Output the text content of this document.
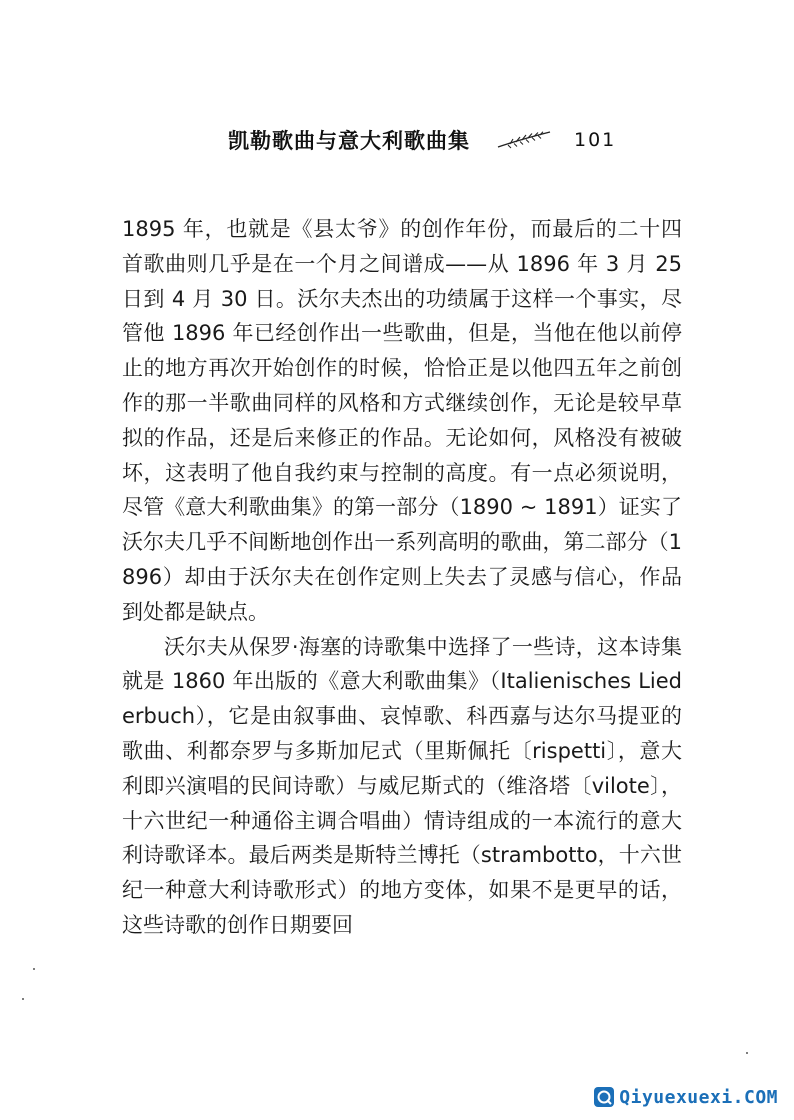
凯勒歌曲与意大利歌曲集	101

1895 年，也就是《县太爷》的创作年份，而最后的二十四首歌曲则几乎是在一个月之间谱成——从 1896 年 3 月 25 日到 4 月 30 日。沃尔夫杰出的功绩属于这样一个事实，尽管他 1896 年已经创作出一些歌曲，但是，当他在他以前停止的地方再次开始创作的时候，恰恰正是以他四五年之前创作的那一半歌曲同样的风格和方式继续创作，无论是较早草拟的作品，还是后来修正的作品。无论如何，风格没有被破坏，这表明了他自我约束与控制的高度。有一点必须说明，尽管《意大利歌曲集》的第一部分（1890 ~ 1891）证实了沃尔夫几乎不间断地创作出一系列高明的歌曲，第二部分（1896）却由于沃尔夫在创作定则上失去了灵感与信心，作品到处都是缺点。

沃尔夫从保罗·海塞的诗歌集中选择了一些诗，这本诗集就是 1860 年出版的《意大利歌曲集》（Italienisches Liederbuch），它是由叙事曲、哀悼歌、科西嘉与达尔马提亚的歌曲、利都奈罗与多斯加尼式（里斯佩托〔rispetti〕，意大利即兴演唱的民间诗歌）与威尼斯式的（维洛塔〔vilote〕，十六世纪一种通俗主调合唱曲）情诗组成的一本流行的意大利诗歌译本。最后两类是斯特兰博托（strambotto，十六世纪一种意大利诗歌形式）的地方变体，如果不是更早的话，这些诗歌的创作日期要回

Qiyuexuexi.COM
